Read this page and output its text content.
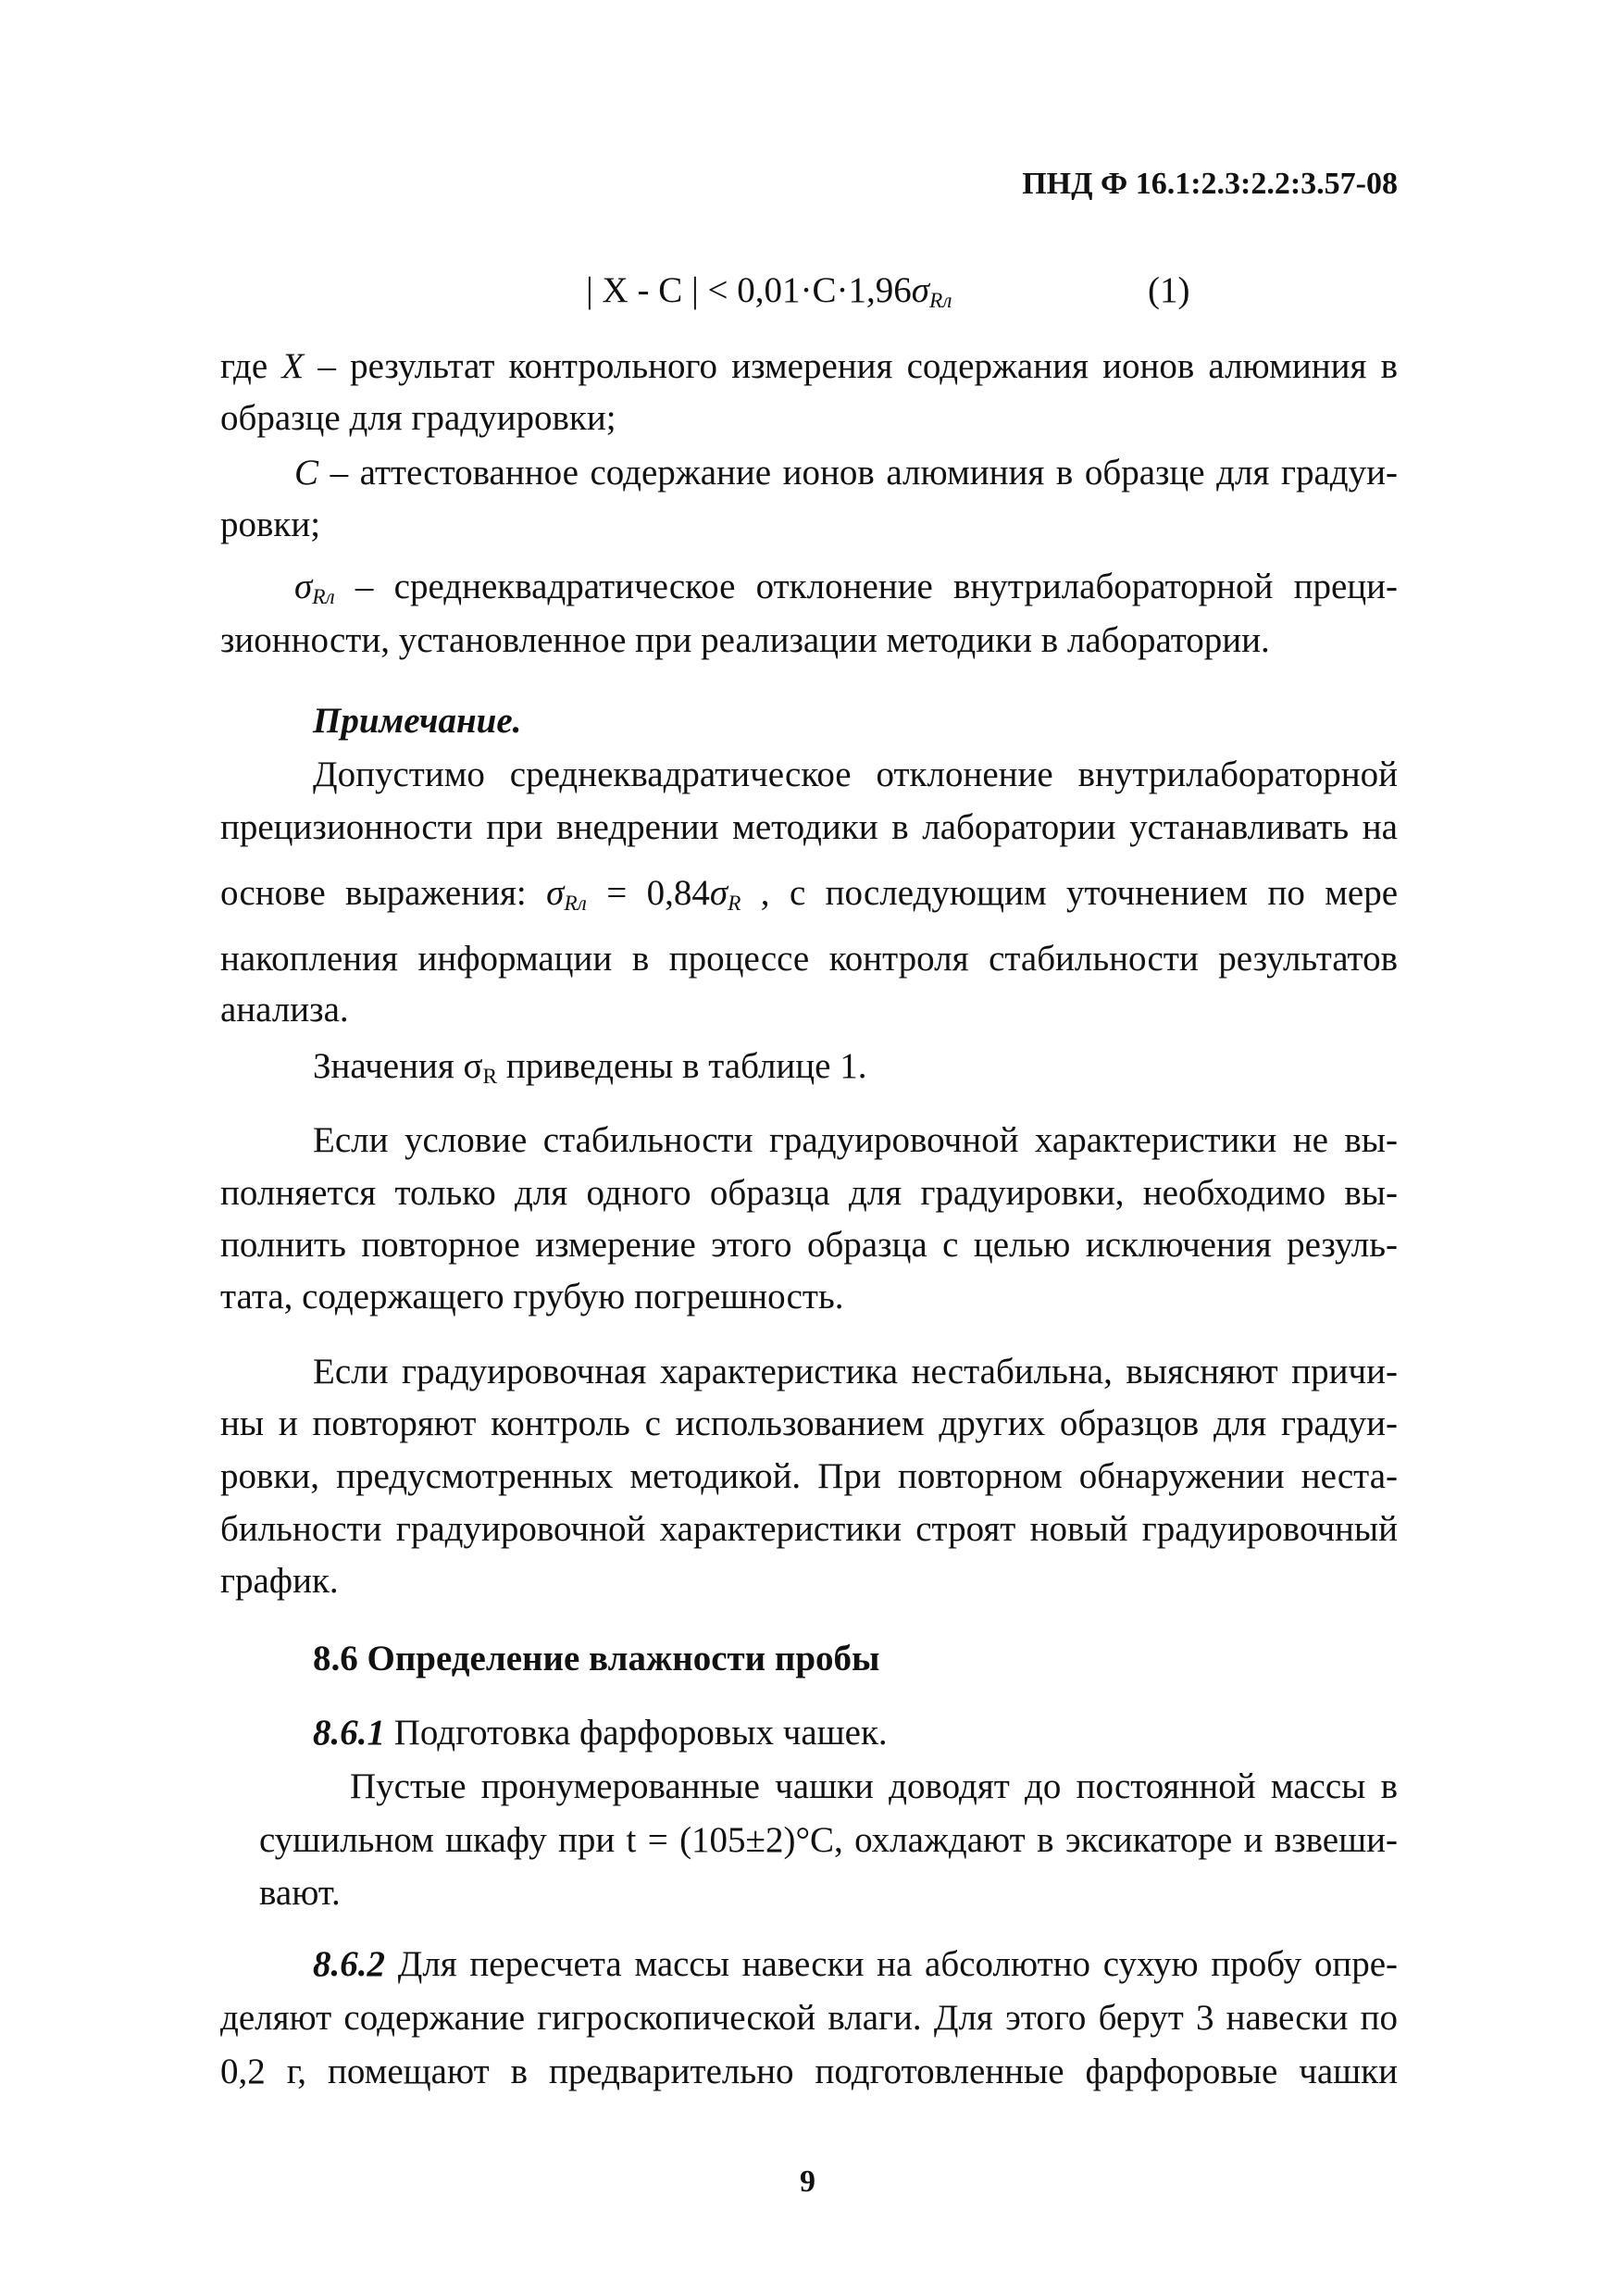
ПНД Ф 16.1:2.3:2.2:3.57-08
| X - C | < $0,01\cdot C\cdot 1,96\sigma_{Rл}$	(1)
где X – результат контрольного измерения содержания ионов алюминия в
образце для градуировки;
C – аттестованное содержание ионов алюминия в образце для градуи-
ровки;
$\sigma_{Rл}$ – среднеквадратическое отклонение внутрилабораторной преци-
зионности, установленное при реализации методики в лаборатории.
Примечание.
Допустимо среднеквадратическое отклонение внутрилабораторной
прецизионности при внедрении методики в лаборатории устанавливать на
основе выражения: $\sigma_{Rл} = 0,84\sigma_R$ , с последующим уточнением по мере
накопления информации в процессе контроля стабильности результатов
анализа.
Значения $\sigma_R$ приведены в таблице 1.
Если условие стабильности градуировочной характеристики не вы-
полняется только для одного образца для градуировки, необходимо вы-
полнить повторное измерение этого образца с целью исключения резуль-
тата, содержащего грубую погрешность.
Если градуировочная характеристика нестабильна, выясняют причи-
ны и повторяют контроль с использованием других образцов для градуи-
ровки, предусмотренных методикой. При повторном обнаружении неста-
бильности градуировочной характеристики строят новый градуировочный
график.
8.6 Определение влажности пробы
8.6.1 Подготовка фарфоровых чашек.
Пустые пронумерованные чашки доводят до постоянной массы в
сушильном шкафу при t = (105±2)°С, охлаждают в эксикаторе и взвеши-
вают.
8.6.2 Для пересчета массы навески на абсолютно сухую пробу опре-
деляют содержание гигроскопической влаги. Для этого берут 3 навески по
0,2 г, помещают в предварительно подготовленные фарфоровые чашки
9
